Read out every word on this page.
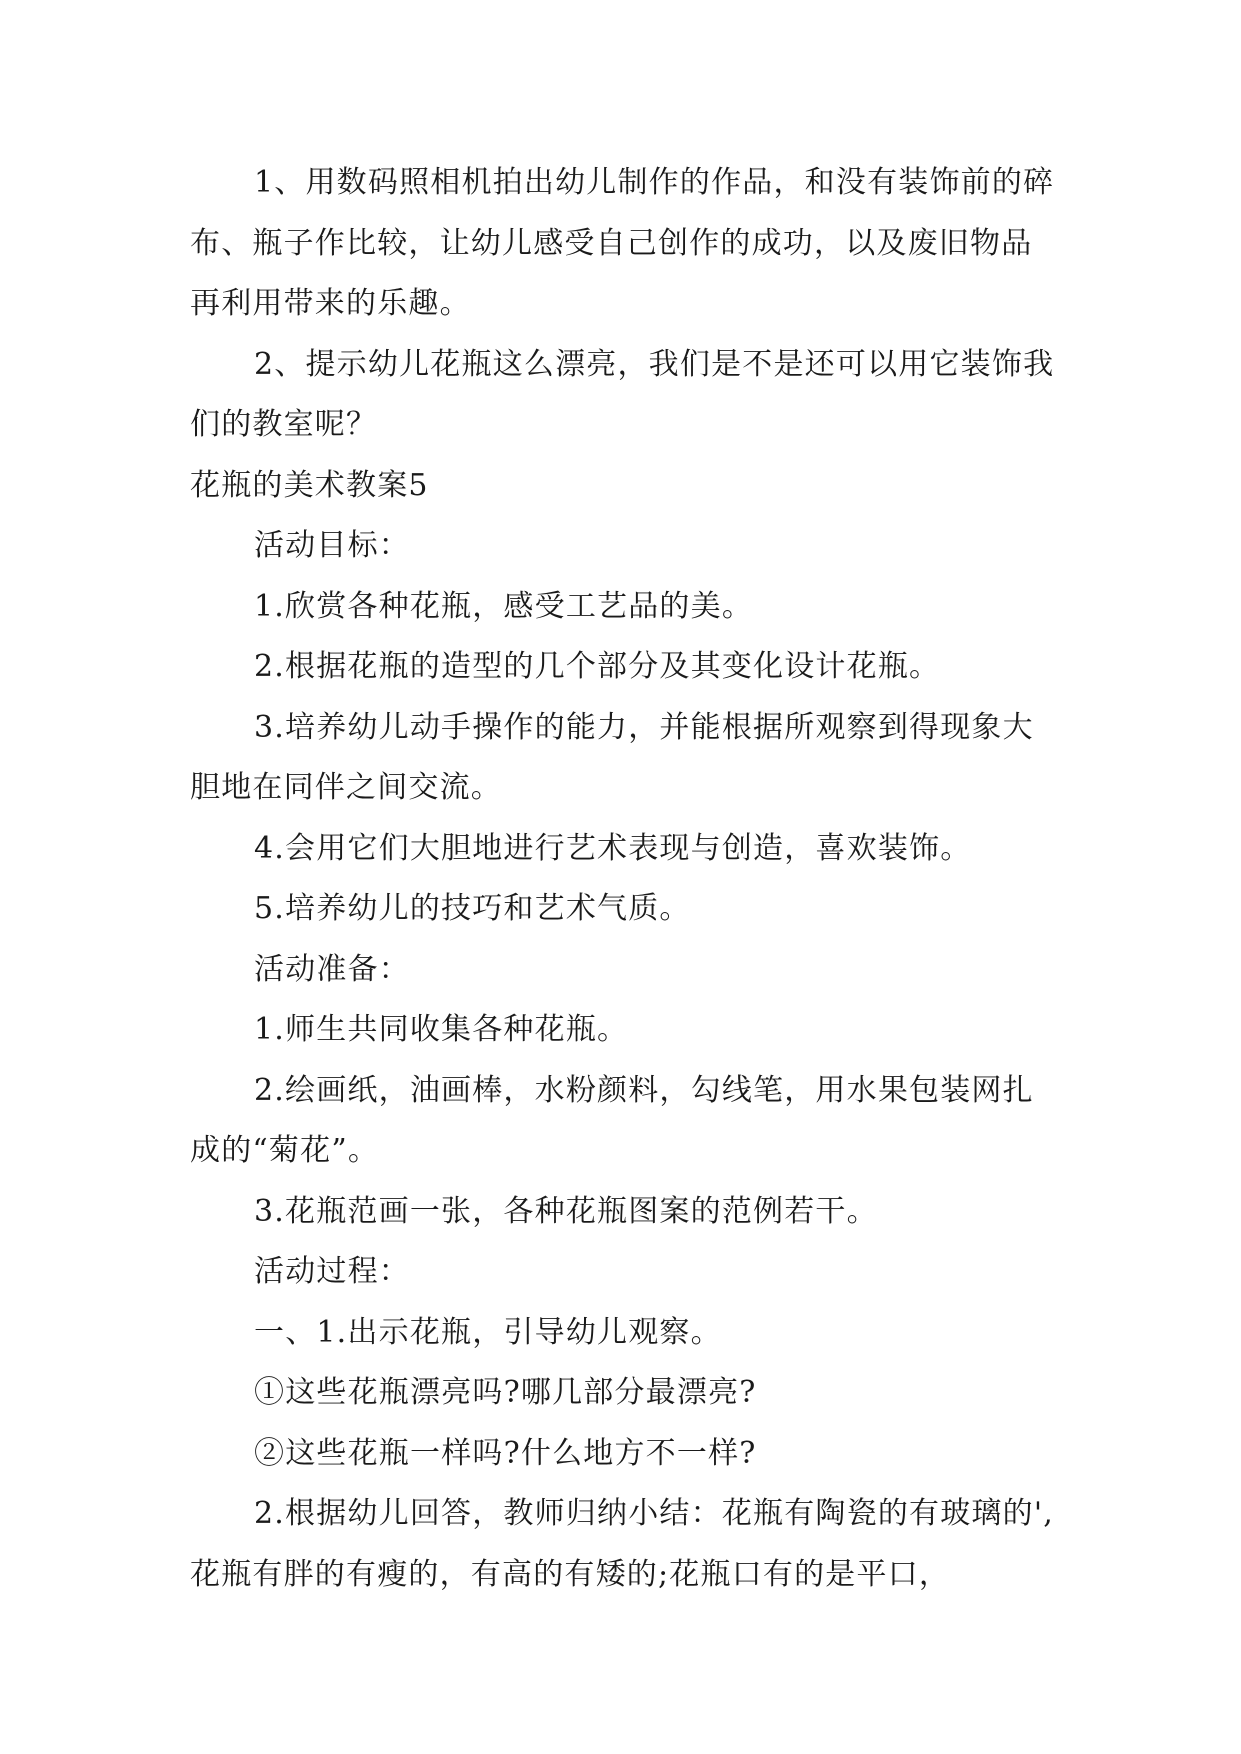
1、用数码照相机拍出幼儿制作的作品，和没有装饰前的碎布、瓶子作比较，让幼儿感受自己创作的成功，以及废旧物品再利用带来的乐趣。

2、提示幼儿花瓶这么漂亮，我们是不是还可以用它装饰我们的教室呢？

花瓶的美术教案5

活动目标：

1.欣赏各种花瓶，感受工艺品的美。

2.根据花瓶的造型的几个部分及其变化设计花瓶。

3.培养幼儿动手操作的能力，并能根据所观察到得现象大胆地在同伴之间交流。

4.会用它们大胆地进行艺术表现与创造，喜欢装饰。

5.培养幼儿的技巧和艺术气质。

活动准备：

1.师生共同收集各种花瓶。

2.绘画纸，油画棒，水粉颜料，勾线笔，用水果包装网扎成的“菊花”。

3.花瓶范画一张，各种花瓶图案的范例若干。

活动过程：

一、1.出示花瓶，引导幼儿观察。

①这些花瓶漂亮吗?哪几部分最漂亮?

②这些花瓶一样吗?什么地方不一样?

2.根据幼儿回答，教师归纳小结：花瓶有陶瓷的有玻璃的',花瓶有胖的有瘦的，有高的有矮的;花瓶口有的是平口，
